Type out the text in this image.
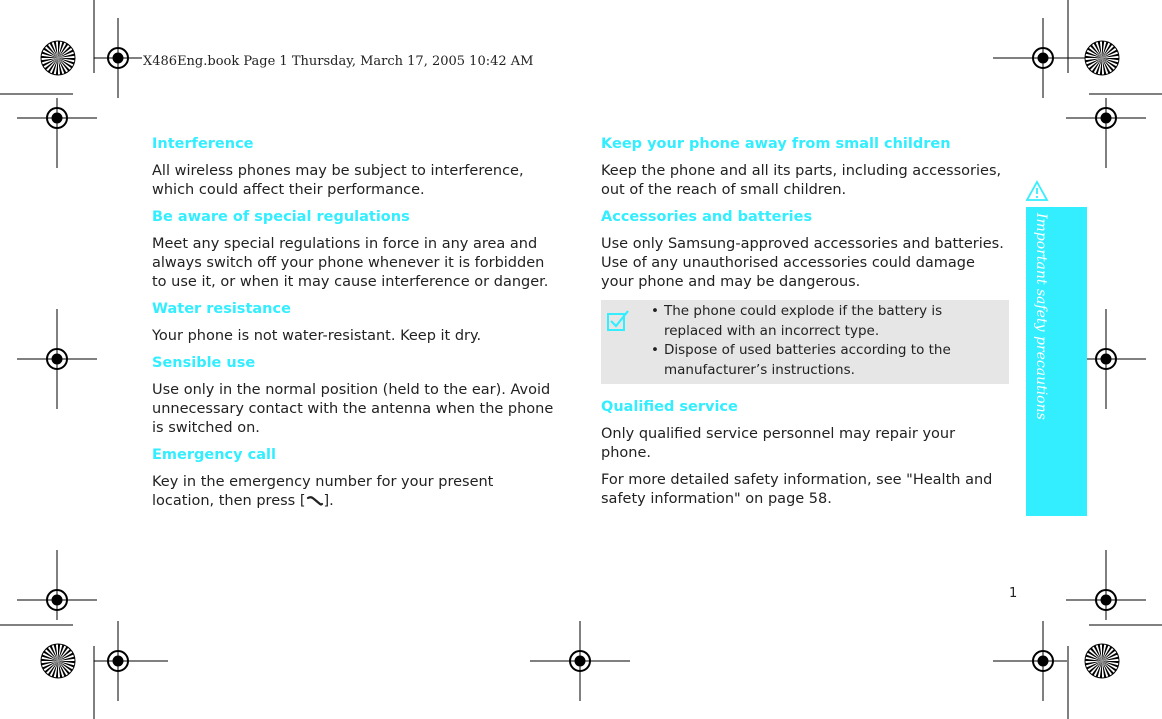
X486Eng.book Page 1 Thursday, March 17, 2005 10:42 AM
Interference
All wireless phones may be subject to interference, which could affect their performance.
Be aware of special regulations
Meet any special regulations in force in any area and always switch off your phone whenever it is forbidden to use it, or when it may cause interference or danger.
Water resistance
Your phone is not water-resistant. Keep it dry.
Sensible use
Use only in the normal position (held to the ear). Avoid unnecessary contact with the antenna when the phone is switched on.
Emergency call
Key in the emergency number for your present location, then press [ ].
Keep your phone away from small children
Keep the phone and all its parts, including accessories, out of the reach of small children.
Accessories and batteries
Use only Samsung-approved accessories and batteries. Use of any unauthorised accessories could damage your phone and may be dangerous.
• The phone could explode if the battery is replaced with an incorrect type.
• Dispose of used batteries according to the manufacturer’s instructions.
Qualified service
Only qualified service personnel may repair your phone.
For more detailed safety information, see "Health and safety information" on page 58.
Important safety precautions
1
